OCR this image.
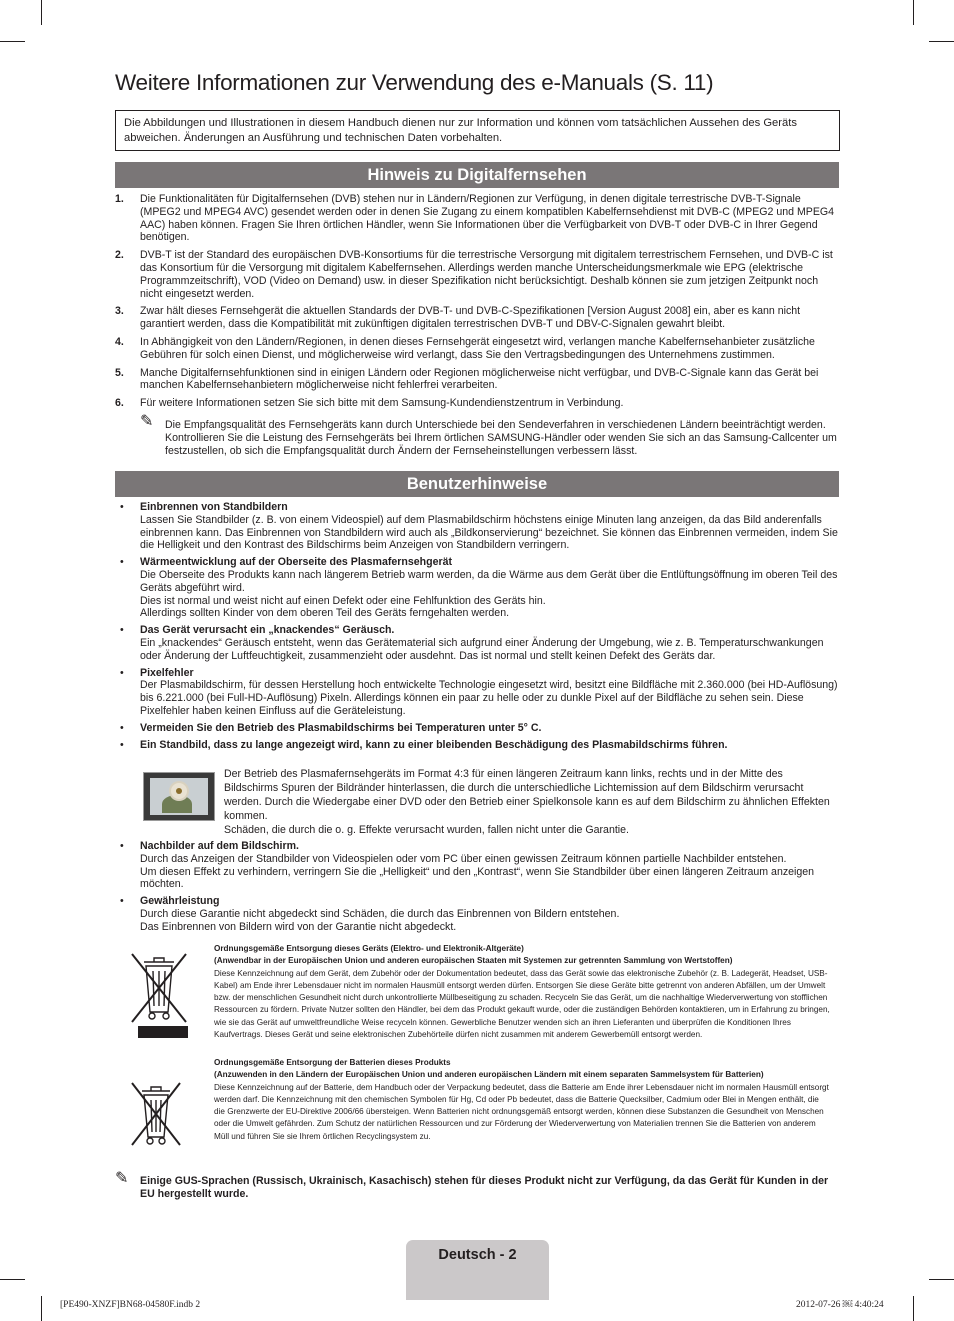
Weitere Informationen zur Verwendung des e-Manuals (S. 11)
Die Abbildungen und Illustrationen in diesem Handbuch dienen nur zur Information und können vom tatsächlichen Aussehen des Geräts abweichen. Änderungen an Ausführung und technischen Daten vorbehalten.
Hinweis zu Digitalfernsehen
1. Die Funktionalitäten für Digitalfernsehen (DVB) stehen nur in Ländern/Regionen zur Verfügung, in denen digitale terrestrische DVB-T-Signale (MPEG2 und MPEG4 AVC) gesendet werden oder in denen Sie Zugang zu einem kompatiblen Kabelfernsehdienst mit DVB-C (MPEG2 und MPEG4 AAC) haben können. Fragen Sie Ihren örtlichen Händler, wenn Sie Informationen über die Verfügbarkeit von DVB-T oder DVB-C in Ihrer Gegend benötigen.
2. DVB-T ist der Standard des europäischen DVB-Konsortiums für die terrestrische Versorgung mit digitalem terrestrischem Fernsehen, und DVB-C ist das Konsortium für die Versorgung mit digitalem Kabelfernsehen. Allerdings werden manche Unterscheidungsmerkmale wie EPG (elektrische Programmzeitschrift), VOD (Video on Demand) usw. in dieser Spezifikation nicht berücksichtigt. Deshalb können sie zum jetzigen Zeitpunkt noch nicht eingesetzt werden.
3. Zwar hält dieses Fernsehgerät die aktuellen Standards der DVB-T- und DVB-C-Spezifikationen [Version August 2008] ein, aber es kann nicht garantiert werden, dass die Kompatibilität mit zukünftigen digitalen terrestrischen DVB-T und DBV-C-Signalen gewahrt bleibt.
4. In Abhängigkeit von den Ländern/Regionen, in denen dieses Fernsehgerät eingesetzt wird, verlangen manche Kabelfernsehanbieter zusätzliche Gebühren für solch einen Dienst, und möglicherweise wird verlangt, dass Sie den Vertragsbedingungen des Unternehmens zustimmen.
5. Manche Digitalfernsehfunktionen sind in einigen Ländern oder Regionen möglicherweise nicht verfügbar, und DVB-C-Signale kann das Gerät bei manchen Kabelfernsehanbietern möglicherweise nicht fehlerfrei verarbeiten.
6. Für weitere Informationen setzen Sie sich bitte mit dem Samsung-Kundendienstzentrum in Verbindung.
✎ Die Empfangsqualität des Fernsehgeräts kann durch Unterschiede bei den Sendeverfahren in verschiedenen Ländern beeinträchtigt werden. Kontrollieren Sie die Leistung des Fernsehgeräts bei Ihrem örtlichen SAMSUNG-Händler oder wenden Sie sich an das Samsung-Callcenter um festzustellen, ob sich die Empfangsqualität durch Ändern der Fernseheinstellungen verbessern lässt.
Benutzerhinweise
• Einbrennen von Standbildern
Lassen Sie Standbilder (z. B. von einem Videospiel) auf dem Plasmabildschirm höchstens einige Minuten lang anzeigen, da das Bild anderenfalls einbrennen kann. Das Einbrennen von Standbildern wird auch als „Bildkonservierung“ bezeichnet. Sie können das Einbrennen vermeiden, indem Sie die Helligkeit und den Kontrast des Bildschirms beim Anzeigen von Standbildern verringern.
• Wärmeentwicklung auf der Oberseite des Plasmafernsehgerät
Die Oberseite des Produkts kann nach längerem Betrieb warm werden, da die Wärme aus dem Gerät über die Entlüftungsöffnung im oberen Teil des Geräts abgeführt wird.
Dies ist normal und weist nicht auf einen Defekt oder eine Fehlfunktion des Geräts hin.
Allerdings sollten Kinder von dem oberen Teil des Geräts ferngehalten werden.
• Das Gerät verursacht ein „knackendes“ Geräusch.
Ein „knackendes“ Geräusch entsteht, wenn das Gerätematerial sich aufgrund einer Änderung der Umgebung, wie z. B. Temperaturschwankungen oder Änderung der Luftfeuchtigkeit, zusammenzieht oder ausdehnt. Das ist normal und stellt keinen Defekt des Geräts dar.
• Pixelfehler
Der Plasmabildschirm, für dessen Herstellung hoch entwickelte Technologie eingesetzt wird, besitzt eine Bildfläche mit 2.360.000 (bei HD-Auflösung) bis 6.221.000 (bei Full-HD-Auflösung) Pixeln. Allerdings können ein paar zu helle oder zu dunkle Pixel auf der Bildfläche zu sehen sein. Diese Pixelfehler haben keinen Einfluss auf die Geräteleistung.
• Vermeiden Sie den Betrieb des Plasmabildschirms bei Temperaturen unter 5° C.
• Ein Standbild, dass zu lange angezeigt wird, kann zu einer bleibenden Beschädigung des Plasmabildschirms führen.
Der Betrieb des Plasmafernsehgeräts im Format 4:3 für einen längeren Zeitraum kann links, rechts und in der Mitte des Bildschirms Spuren der Bildränder hinterlassen, die durch die unterschiedliche Lichtemission auf dem Bildschirm verursacht werden. Durch die Wiedergabe einer DVD oder den Betrieb einer Spielkonsole kann es auf dem Bildschirm zu ähnlichen Effekten kommen.
Schäden, die durch die o. g. Effekte verursacht wurden, fallen nicht unter die Garantie.
• Nachbilder auf dem Bildschirm.
Durch das Anzeigen der Standbilder von Videospielen oder vom PC über einen gewissen Zeitraum können partielle Nachbilder entstehen.
Um diesen Effekt zu verhindern, verringern Sie die „Helligkeit“ und den „Kontrast“, wenn Sie Standbilder über einen längeren Zeitraum anzeigen möchten.
• Gewährleistung
Durch diese Garantie nicht abgedeckt sind Schäden, die durch das Einbrennen von Bildern entstehen.
Das Einbrennen von Bildern wird von der Garantie nicht abgedeckt.
Ordnungsgemäße Entsorgung dieses Geräts (Elektro- und Elektronik-Altgeräte)
(Anwendbar in der Europäischen Union und anderen europäischen Staaten mit Systemen zur getrennten Sammlung von Wertstoffen)
Diese Kennzeichnung auf dem Gerät, dem Zubehör oder der Dokumentation bedeutet, dass das Gerät sowie das elektronische Zubehör (z. B. Ladegerät, Headset, USB-Kabel) am Ende ihrer Lebensdauer nicht im normalen Hausmüll entsorgt werden dürfen. Entsorgen Sie diese Geräte bitte getrennt von anderen Abfällen, um der Umwelt bzw. der menschlichen Gesundheit nicht durch unkontrollierte Müllbeseitigung zu schaden. Recyceln Sie das Gerät, um die nachhaltige Wiederverwertung von stofflichen Ressourcen zu fördern. Private Nutzer sollten den Händler, bei dem das Produkt gekauft wurde, oder die zuständigen Behörden kontaktieren, um in Erfahrung zu bringen, wie sie das Gerät auf umweltfreundliche Weise recyceln können. Gewerbliche Benutzer wenden sich an ihren Lieferanten und überprüfen die Konditionen Ihres Kaufvertrags. Dieses Gerät und seine elektronischen Zubehörteile dürfen nicht zusammen mit anderem Gewerbemüll entsorgt werden.
Ordnungsgemäße Entsorgung der Batterien dieses Produkts
(Anzuwenden in den Ländern der Europäischen Union und anderen europäischen Ländern mit einem separaten Sammelsystem für Batterien)
Diese Kennzeichnung auf der Batterie, dem Handbuch oder der Verpackung bedeutet, dass die Batterie am Ende ihrer Lebensdauer nicht im normalen Hausmüll entsorgt werden darf. Die Kennzeichnung mit den chemischen Symbolen für Hg, Cd oder Pb bedeutet, dass die Batterie Quecksilber, Cadmium oder Blei in Mengen enthält, die die Grenzwerte der EU-Direktive 2006/66 übersteigen. Wenn Batterien nicht ordnungsgemäß entsorgt werden, können diese Substanzen die Gesundheit von Menschen oder die Umwelt gefährden. Zum Schutz der natürlichen Ressourcen und zur Förderung der Wiederverwertung von Materialien trennen Sie die Batterien von anderem Müll und führen Sie sie Ihrem örtlichen Recyclingsystem zu.
✎ Einige GUS-Sprachen (Russisch, Ukrainisch, Kasachisch) stehen für dieses Produkt nicht zur Verfügung, da das Gerät für Kunden in der EU hergestellt wurde.
Deutsch - 2
[PE490-XNZF]BN68-04580F.indb 2	2012-07-26 ￼ 4:40:24
